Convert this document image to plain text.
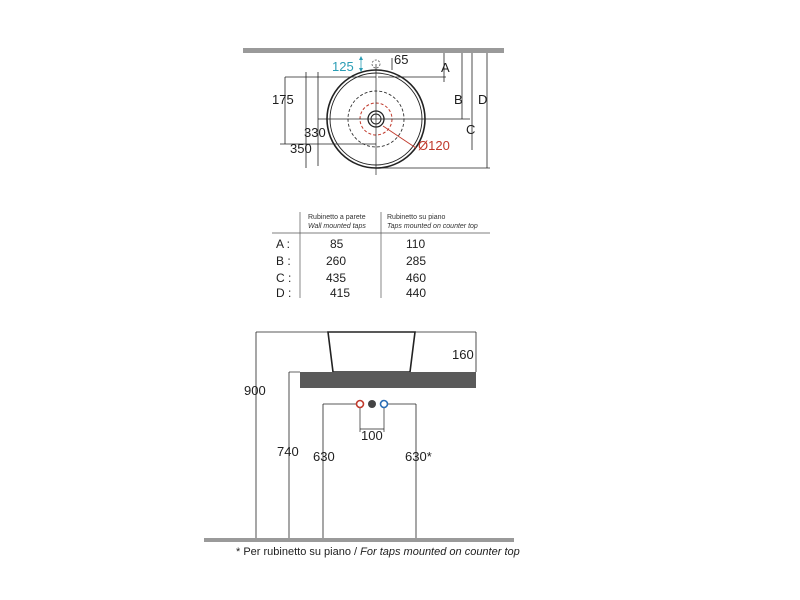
125	65
A
B
C
D
175
330
350	Ø120
Rubinetto a parete
Wall mounted taps
Rubinetto su piano
Taps mounted on counter top
A :	85	110
B :	260	285
C :	435	460
D :	415	440
900
160
740 630	630*
100
* Per rubinetto su piano / For taps mounted on counter top
